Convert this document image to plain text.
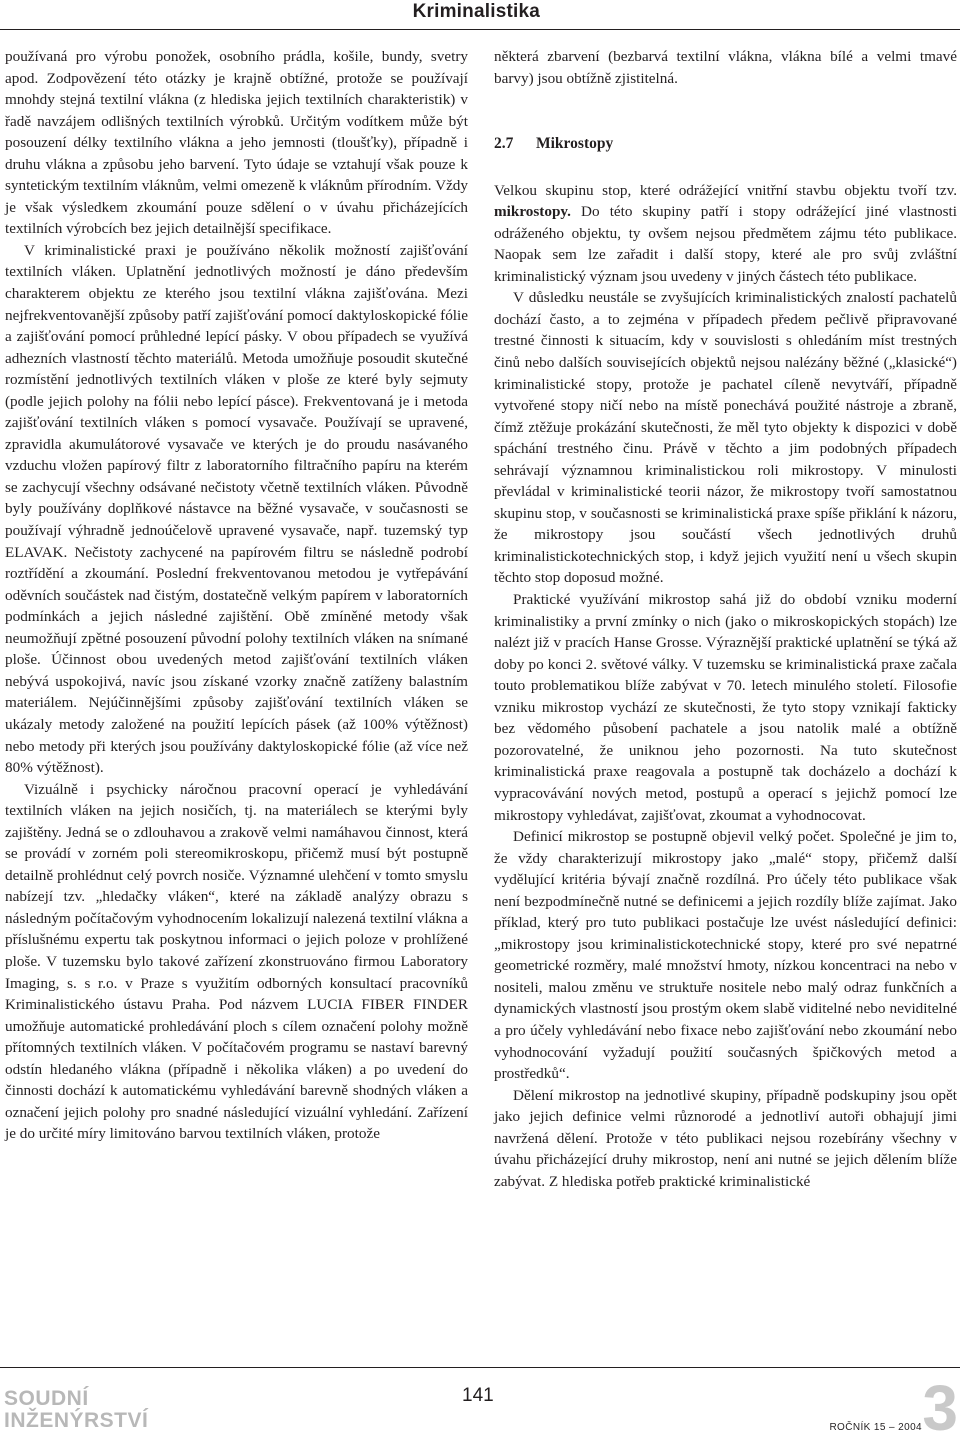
Kriminalistika

používaná pro výrobu ponožek, osobního prádla, košile, bundy, svetry apod. Zodpovězení této otázky je krajně obtížné, protože se používají mnohdy stejná textilní vlákna (z hlediska jejich textilních charakteristik) v řadě navzájem odlišných textilních výrobků. Určitým vodítkem může být posouzení délky textilního vlákna a jeho jemnosti (tloušťky), případně i druhu vlákna a způsobu jeho barvení. Tyto údaje se vztahují však pouze k syntetickým textilním vláknům, velmi omezeně k vláknům přírodním. Vždy je však výsledkem zkoumání pouze sdělení o v úvahu přicházejících textilních výrobcích bez jejich detailnější specifikace.

V kriminalistické praxi je používáno několik možností zajišťování textilních vláken. Uplatnění jednotlivých možností je dáno především charakterem objektu ze kterého jsou textilní vlákna zajišťována. Mezi nejfrekventovanější způsoby patří zajišťování pomocí daktyloskopické fólie a zajišťování pomocí průhledné lepící pásky. V obou případech se využívá adhezních vlastností těchto materiálů. Metoda umožňuje posoudit skutečné rozmístění jednotlivých textilních vláken v ploše ze které byly sejmuty (podle jejich polohy na fólii nebo lepící pásce). Frekventovaná je i metoda zajišťování textilních vláken s pomocí vysavače. Používají se upravené, zpravidla akumulátorové vysavače ve kterých je do proudu nasávaného vzduchu vložen papírový filtr z laboratorního filtračního papíru na kterém se zachycují všechny odsávané nečistoty včetně textilních vláken. Původně byly používány doplňkové nástavce na běžné vysavače, v současnosti se používají výhradně jednoúčelově upravené vysavače, např. tuzemský typ ELAVAK. Nečistoty zachycené na papírovém filtru se následně podrobí roztřídění a zkoumání. Poslední frekventovanou metodou je vytřepávání oděvních součástek nad čistým, dostatečně velkým papírem v laboratorních podmínkách a jejich následné zajištění. Obě zmíněné metody však neumožňují zpětné posouzení původní polohy textilních vláken na snímané ploše. Účinnost obou uvedených metod zajišťování textilních vláken nebývá uspokojivá, navíc jsou získané vzorky značně zatíženy balastním materiálem. Nejúčinnějšími způsoby zajišťování textilních vláken se ukázaly metody založené na použití lepících pásek (až 100% výtěžnost) nebo metody při kterých jsou používány daktyloskopické fólie (až více než 80% výtěžnost).

Vizuálně i psychicky náročnou pracovní operací je vyhledávání textilních vláken na jejich nosičích, tj. na materiálech se kterými byly zajištěny. Jedná se o zdlouhavou a zrakově velmi namáhavou činnost, která se provádí v zorném poli stereomikroskopu, přičemž musí být postupně detailně prohlédnut celý povrch nosiče. Významné ulehčení v tomto smyslu nabízejí tzv. „hledačky vláken“, které na základě analýzy obrazu s následným počítačovým vyhodnocením lokalizují nalezená textilní vlákna a příslušnému expertu tak poskytnou informaci o jejich poloze v prohlížené ploše. V tuzemsku bylo takové zařízení zkonstruováno firmou Laboratory Imaging, s. s r.o. v Praze s využitím odborných konsultací pracovníků Kriminalistického ústavu Praha. Pod názvem LUCIA FIBER FINDER umožňuje automatické prohledávání ploch s cílem označení polohy možně přítomných textilních vláken. V počítačovém programu se nastaví barevný odstín hledaného vlákna (případně i několika vláken) a po uvedení do činnosti dochází k automatickému vyhledávání barevně shodných vláken a označení jejich polohy pro snadné následující vizuální vyhledání. Zařízení je do určité míry limitováno barvou textilních vláken, protože

některá zbarvení (bezbarvá textilní vlákna, vlákna bílé a velmi tmavé barvy) jsou obtížně zjistitelná.

2.7 Mikrostopy

Velkou skupinu stop, které odrážející vnitřní stavbu objektu tvoří tzv. mikrostopy. Do této skupiny patří i stopy odrážející jiné vlastnosti odráženého objektu, ty ovšem nejsou předmětem zájmu této publikace. Naopak sem lze zařadit i další stopy, které ale pro svůj zvláštní kriminalistický význam jsou uvedeny v jiných částech této publikace.

V důsledku neustále se zvyšujících kriminalistických znalostí pachatelů dochází často, a to zejména v případech předem pečlivě připravované trestné činnosti k situacím, kdy v souvislosti s ohledáním míst trestných činů nebo dalších souvisejících objektů nejsou nalézány běžné („klasické“) kriminalistické stopy, protože je pachatel cíleně nevytváří, případně vytvořené stopy ničí nebo na místě ponechává použité nástroje a zbraně, čímž ztěžuje prokázání skutečnosti, že měl tyto objekty k dispozici v době spáchání trestného činu. Právě v těchto a jim podobných případech sehrávají významnou kriminalistickou roli mikrostopy. V minulosti převládal v kriminalistické teorii názor, že mikrostopy tvoří samostatnou skupinu stop, v současnosti se kriminalistická praxe spíše přiklání k názoru, že mikrostopy jsou součástí všech jednotlivých druhů kriminalistickotechnických stop, i když jejich využití není u všech skupin těchto stop doposud možné.

Praktické využívání mikrostop sahá již do období vzniku moderní kriminalistiky a první zmínky o nich (jako o mikroskopických stopách) lze nalézt již v pracích Hanse Grosse. Výraznější praktické uplatnění se týká až doby po konci 2. světové války. V tuzemsku se kriminalistická praxe začala touto problematikou blíže zabývat v 70. letech minulého století. Filosofie vzniku mikrostop vychází ze skutečnosti, že tyto stopy vznikají fakticky bez vědomého působení pachatele a jsou natolik malé a obtížně pozorovatelné, že uniknou jeho pozornosti. Na tuto skutečnost kriminalistická praxe reagovala a postupně tak docházelo a dochází k vypracovávání nových metod, postupů a operací s jejichž pomocí lze mikrostopy vyhledávat, zajišťovat, zkoumat a vyhodnocovat.

Definicí mikrostop se postupně objevil velký počet. Společné je jim to, že vždy charakterizují mikrostopy jako „malé“ stopy, přičemž další vydělující kritéria bývají značně rozdílná. Pro účely této publikace však není bezpodmínečně nutné se definicemi a jejich rozdíly blíže zajímat. Jako příklad, který pro tuto publikaci postačuje lze uvést následující definici: „mikrostopy jsou kriminalistickotechnické stopy, které pro své nepatrné geometrické rozměry, malé množství hmoty, nízkou koncentraci na nebo v nositeli, malou změnu ve struktuře nositele nebo malý odraz funkčních a dynamických vlastností jsou prostým okem slabě viditelné nebo neviditelné a pro účely vyhledávání nebo fixace nebo zajišťování nebo zkoumání nebo vyhodnocování vyžadují použití současných špičkových metod a prostředků“.

Dělení mikrostop na jednotlivé skupiny, případně podskupiny jsou opět jako jejich definice velmi různorodé a jednotliví autoři obhajují jimi navržená dělení. Protože v této publikaci nejsou rozebírány všechny v úvahu přicházející druhy mikrostop, není ani nutné se jejich dělením blíže zabývat. Z hlediska potřeb praktické kriminalistické

SOUDNÍ
INŽENÝRSTVÍ
141	3
ROČNÍK 15 – 2004
